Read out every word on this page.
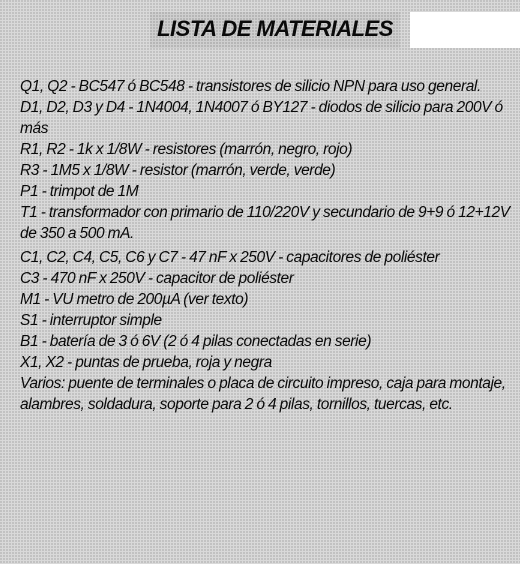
LISTA DE MATERIALES
Q1, Q2 - BC547 ó BC548 - transistores de silicio NPN para uso general.
D1, D2, D3 y D4 - 1N4004, 1N4007 ó BY127 - diodos de silicio para 200V ó más
R1, R2 - 1k x 1/8W - resistores (marrón, negro, rojo)
R3 - 1M5 x 1/8W - resistor (marrón, verde, verde)
P1 - trimpot de 1M
T1 - transformador con primario de 110/220V y secundario de 9+9 ó 12+12V de 350 a 500 mA.
C1, C2, C4, C5, C6 y C7 - 47 nF x 250V - capacitores de poliéster
C3 - 470 nF x 250V - capacitor de poliéster
M1 - VU metro de 200µA (ver texto)
S1 - interruptor simple
B1 - batería de 3 ó 6V (2 ó 4 pilas conectadas en serie)
X1, X2 - puntas de prueba, roja y negra
Varios: puente de terminales o placa de circuito impreso, caja para montaje, alambres, soldadura, soporte para 2 ó 4 pilas, tornillos, tuercas, etc.
